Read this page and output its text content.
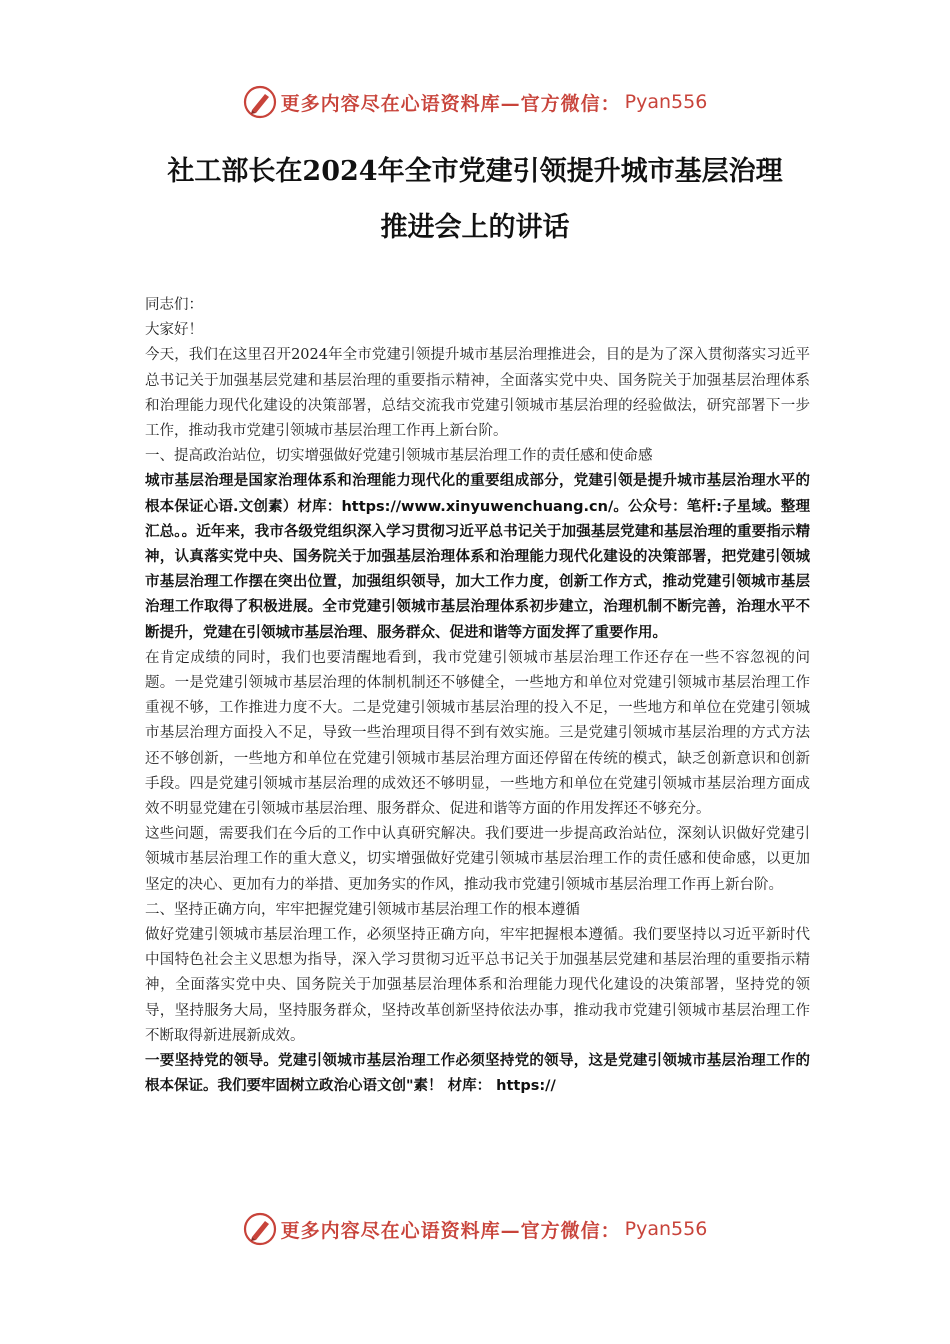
更多内容尽在心语资料库—官方微信： Pyan556
社工部长在2024年全市党建引领提升城市基层治理
推进会上的讲话

同志们：

大家好！

今天，我们在这里召开2024年全市党建引领提升城市基层治理推进会，目的是为了深入贯彻落实习近平总书记关于加强基层党建和基层治理的重要指示精神，全面落实党中央、国务院关于加强基层治理体系和治理能力现代化建设的决策部署，总结交流我市党建引领城市基层治理的经验做法，研究部署下一步工作，推动我市党建引领城市基层治理工作再上新台阶。

一、提高政治站位，切实增强做好党建引领城市基层治理工作的责任感和使命感

城市基层治理是国家治理体系和治理能力现代化的重要组成部分，党建引领是提升城市基层治理水平的根本保证心语.文创素）材库：https://www.xinyuwenchuang.cn/。公众号：笔杆:子星域。整理汇总。。近年来，我市各级党组织深入学习贯彻习近平总书记关于加强基层党建和基层治理的重要指示精神，认真落实党中央、国务院关于加强基层治理体系和治理能力现代化建设的决策部署，把党建引领城市基层治理工作摆在突出位置，加强组织领导，加大工作力度，创新工作方式，推动党建引领城市基层治理工作取得了积极进展。全市党建引领城市基层治理体系初步建立，治理机制不断完善，治理水平不断提升，党建在引领城市基层治理、服务群众、促进和谐等方面发挥了重要作用。

在肯定成绩的同时，我们也要清醒地看到，我市党建引领城市基层治理工作还存在一些不容忽视的问题。一是党建引领城市基层治理的体制机制还不够健全，一些地方和单位对党建引领城市基层治理工作重视不够，工作推进力度不大。二是党建引领城市基层治理的投入不足，一些地方和单位在党建引领城市基层治理方面投入不足，导致一些治理项目得不到有效实施。三是党建引领城市基层治理的方式方法还不够创新，一些地方和单位在党建引领城市基层治理方面还停留在传统的模式，缺乏创新意识和创新手段。四是党建引领城市基层治理的成效还不够明显，一些地方和单位在党建引领城市基层治理方面成效不明显党建在引领城市基层治理、服务群众、促进和谐等方面的作用发挥还不够充分。

这些问题，需要我们在今后的工作中认真研究解决。我们要进一步提高政治站位，深刻认识做好党建引领城市基层治理工作的重大意义，切实增强做好党建引领城市基层治理工作的责任感和使命感，以更加坚定的决心、更加有力的举措、更加务实的作风，推动我市党建引领城市基层治理工作再上新台阶。

二、坚持正确方向，牢牢把握党建引领城市基层治理工作的根本遵循

做好党建引领城市基层治理工作，必须坚持正确方向，牢牢把握根本遵循。我们要坚持以习近平新时代中国特色社会主义思想为指导，深入学习贯彻习近平总书记关于加强基层党建和基层治理的重要指示精神，全面落实党中央、国务院关于加强基层治理体系和治理能力现代化建设的决策部署，坚持党的领导，坚持服务大局，坚持服务群众，坚持改革创新坚持依法办事，推动我市党建引领城市基层治理工作不断取得新进展新成效。

一要坚持党的领导。党建引领城市基层治理工作必须坚持党的领导，这是党建引领城市基层治理工作的根本保证。我们要牢固树立政治心语文创"素！ 材库： https://

更多内容尽在心语资料库—官方微信： Pyan556
